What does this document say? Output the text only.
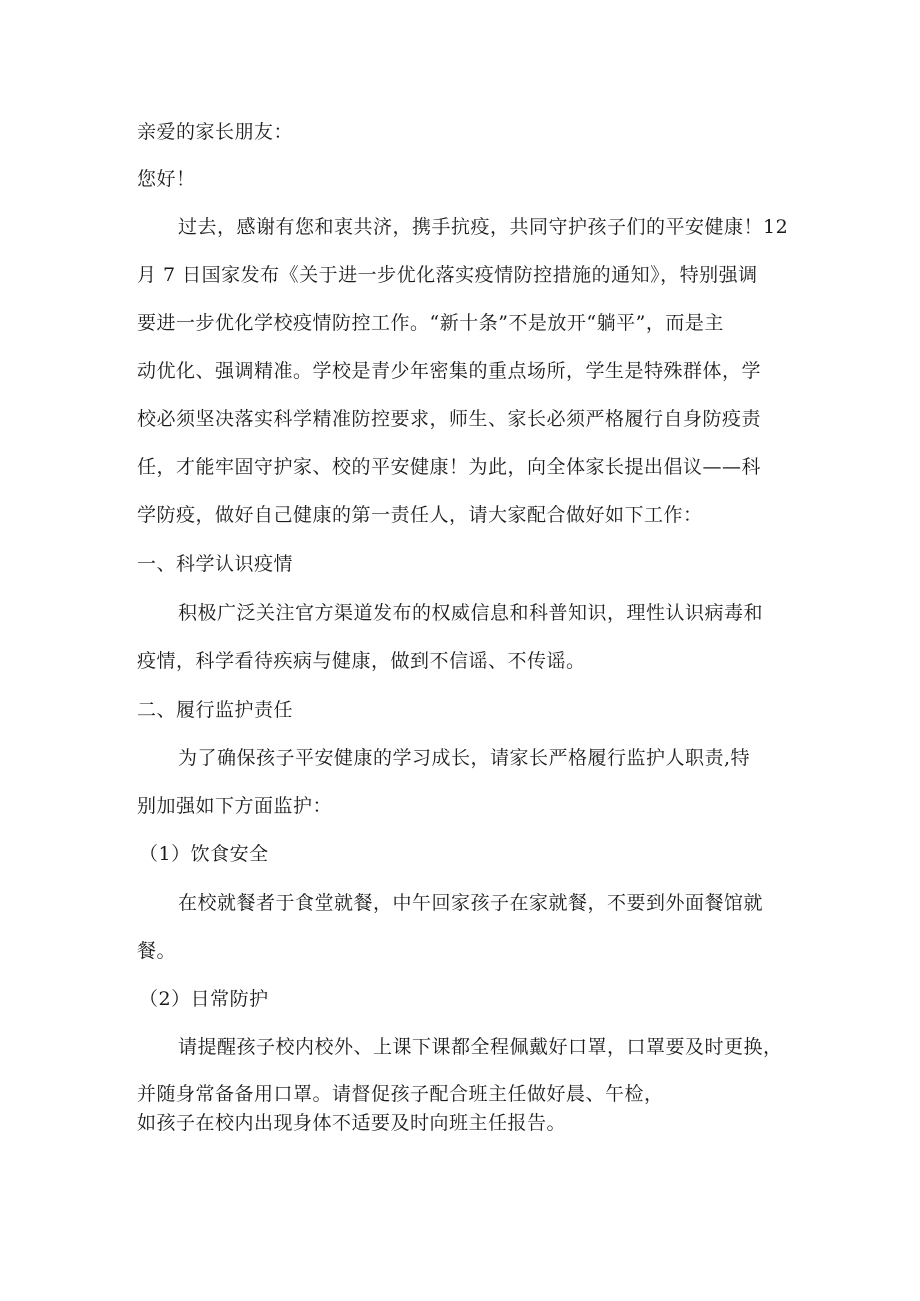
亲爱的家长朋友：
您好！
过去，感谢有您和衷共济，携手抗疫，共同守护孩子们的平安健康！12
月 7 日国家发布《关于进一步优化落实疫情防控措施的通知》，特别强调
要进一步优化学校疫情防控工作。“新十条”不是放开“躺平”，而是主
动优化、强调精准。学校是青少年密集的重点场所，学生是特殊群体，学
校必须坚决落实科学精准防控要求，师生、家长必须严格履行自身防疫责
任，才能牢固守护家、校的平安健康！为此，向全体家长提出倡议——科
学防疫，做好自己健康的第一责任人，请大家配合做好如下工作：
一、科学认识疫情
积极广泛关注官方渠道发布的权威信息和科普知识，理性认识病毒和
疫情，科学看待疾病与健康，做到不信谣、不传谣。
二、履行监护责任
为了确保孩子平安健康的学习成长，请家长严格履行监护人职责,特
别加强如下方面监护：
（1）饮食安全
在校就餐者于食堂就餐，中午回家孩子在家就餐，不要到外面餐馆就
餐。
（2）日常防护
请提醒孩子校内校外、上课下课都全程佩戴好口罩，口罩要及时更换，
并随身常备备用口罩。请督促孩子配合班主任做好晨、午检，
如孩子在校内出现身体不适要及时向班主任报告。
